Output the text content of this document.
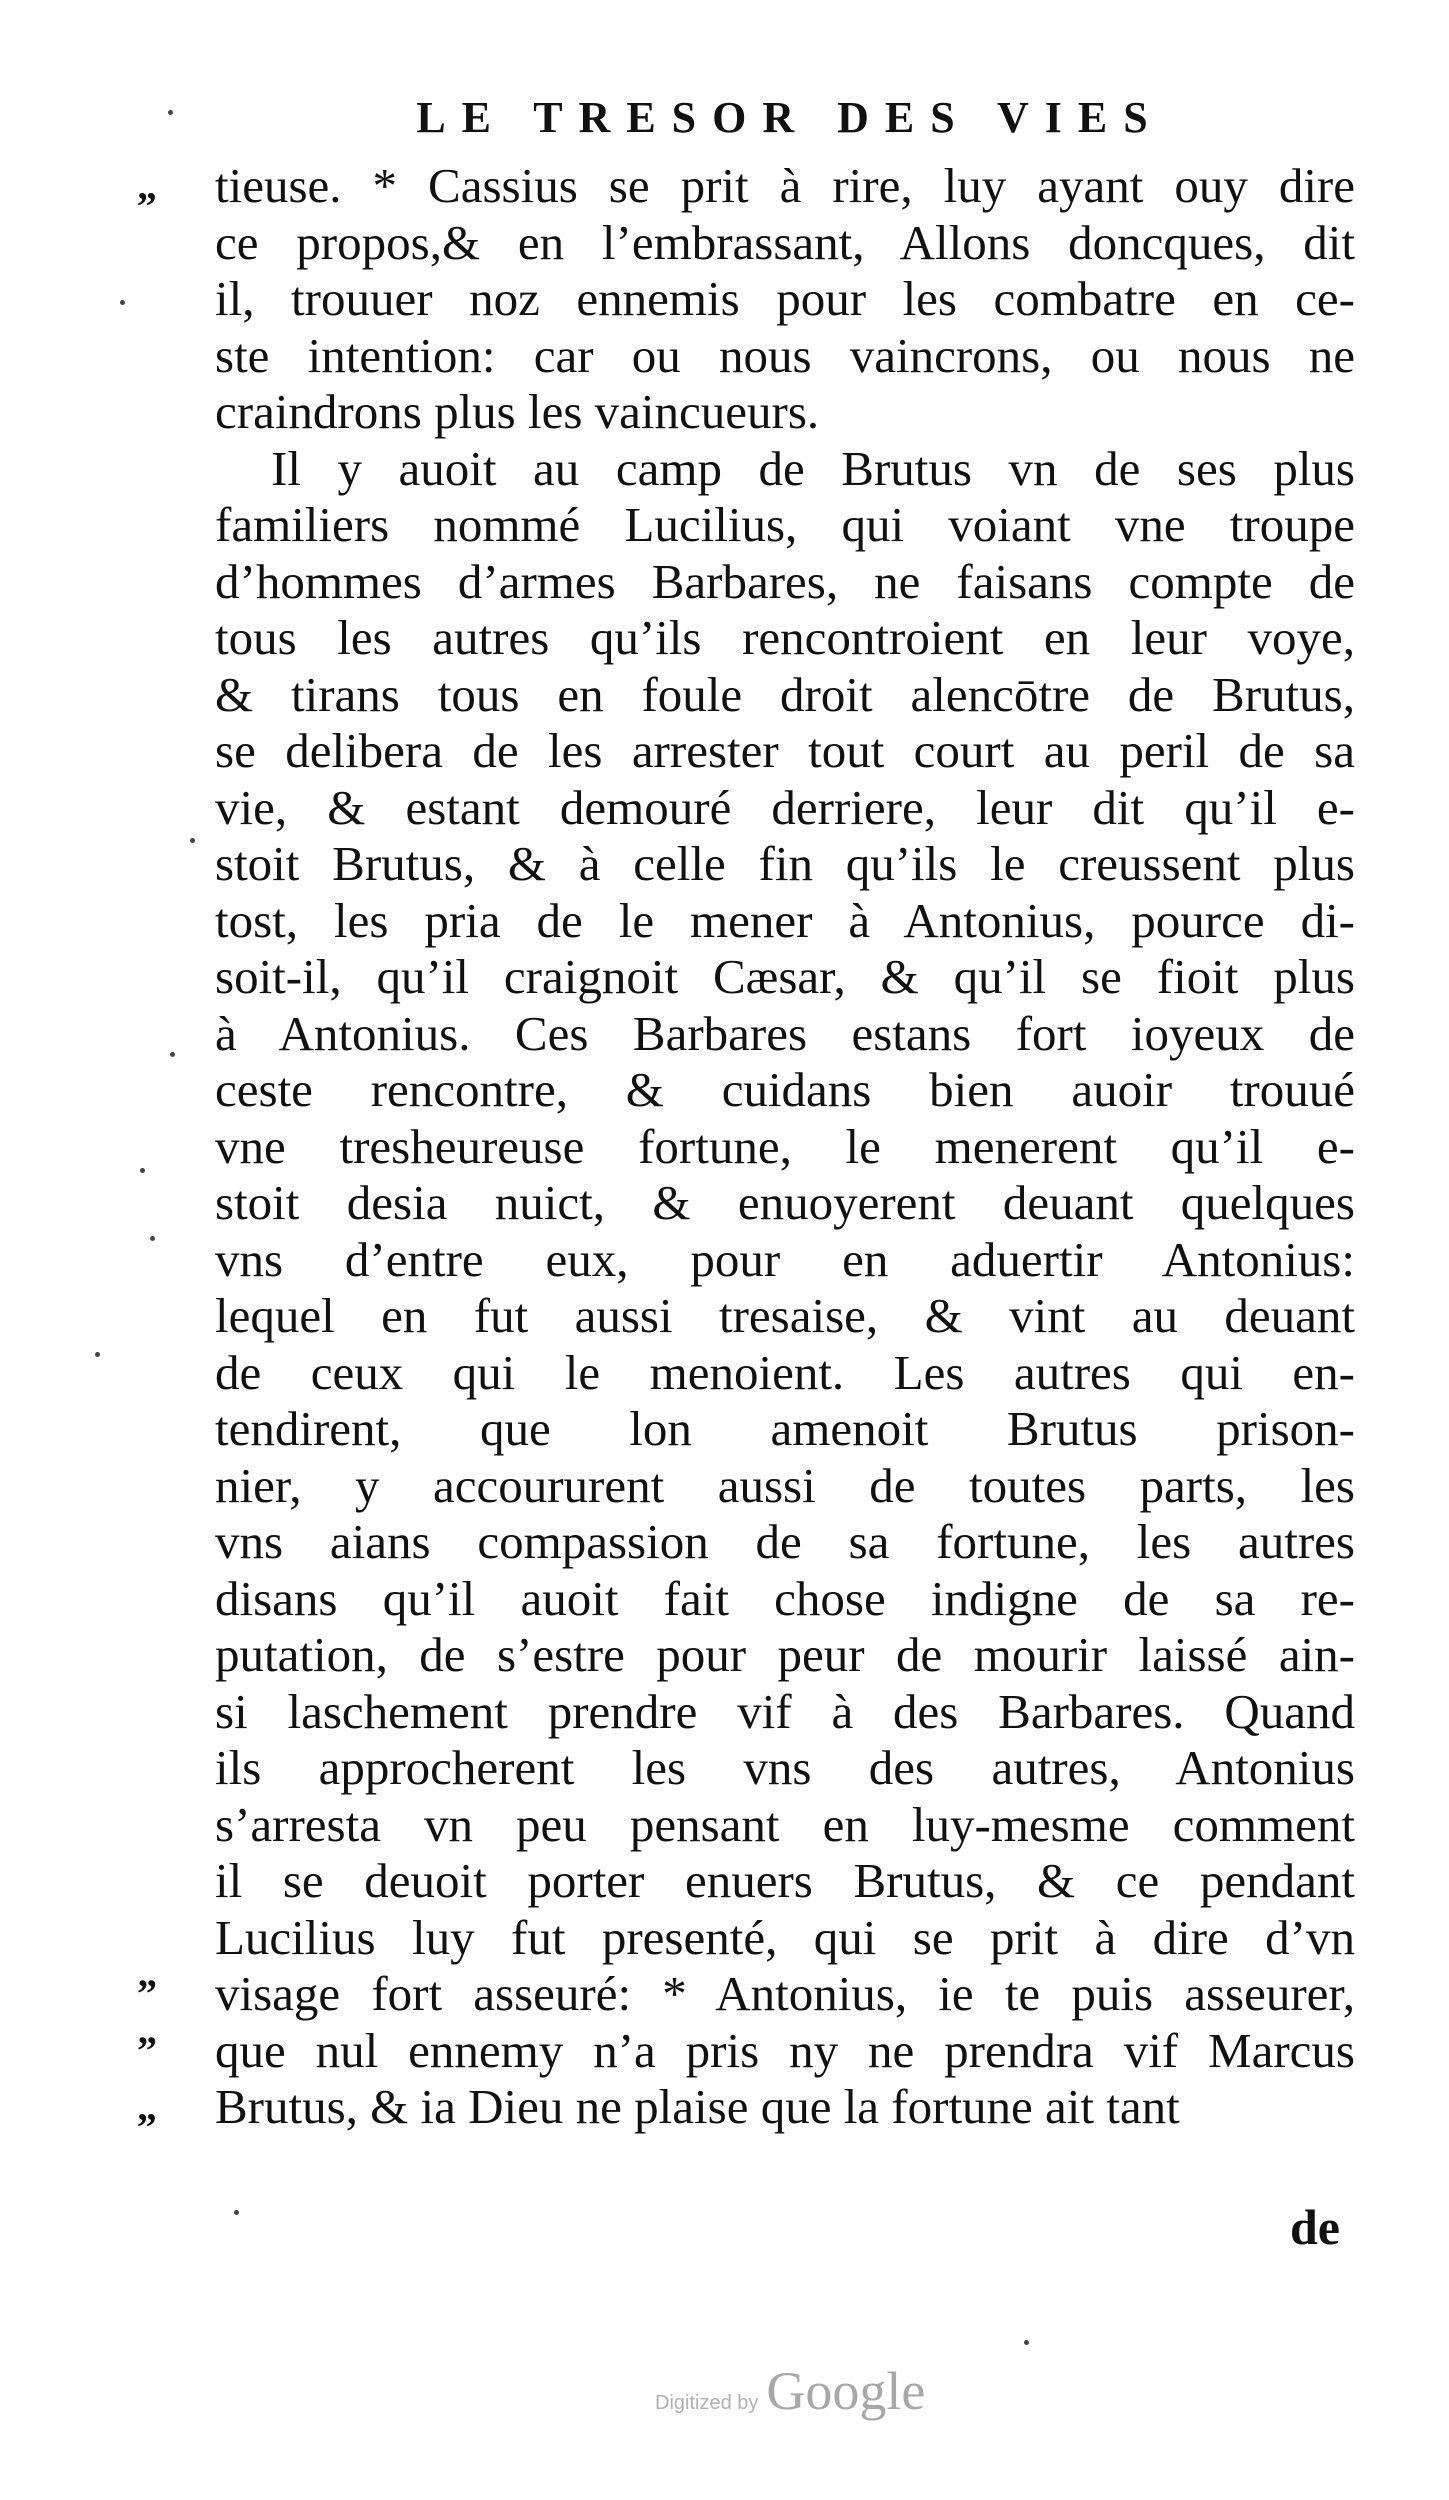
LE TRESOR DES VIES
„	tieuse. * Cassius se prit à rire, luy ayant ouy dire
ce propos,& en l’embrassant, Allons doncques, dit
il, trouuer noz ennemis pour les combatre en ce-
ste intention: car ou nous vaincrons, ou nous ne
craindrons plus les vaincueurs.
Il y auoit au camp de Brutus vn de ses plus
familiers nommé Lucilius, qui voiant vne troupe
d’hommes d’armes Barbares, ne faisans compte de
tous les autres qu’ils rencontroient en leur voye,
& tirans tous en foule droit alencōtre de Brutus,
se delibera de les arrester tout court au peril de sa
vie, & estant demouré derriere, leur dit qu’il e-
stoit Brutus, & à celle fin qu’ils le creussent plus
tost, les pria de le mener à Antonius, pource di-
soit-il, qu’il craignoit Cæsar, & qu’il se fioit plus
à Antonius. Ces Barbares estans fort ioyeux de
ceste rencontre, & cuidans bien auoir trouué
vne tresheureuse fortune, le menerent qu’il e-
stoit desia nuict, & enuoyerent deuant quelques
vns d’entre eux, pour en aduertir Antonius:
lequel en fut aussi tresaise, & vint au deuant
de ceux qui le menoient. Les autres qui en-
tendirent, que lon amenoit Brutus prison-
nier, y accoururent aussi de toutes parts, les
vns aians compassion de sa fortune, les autres
disans qu’il auoit fait chose indigne de sa re-
putation, de s’estre pour peur de mourir laissé ain-
si laschement prendre vif à des Barbares. Quand
ils approcherent les vns des autres, Antonius
s’arresta vn peu pensant en luy-mesme comment
il se deuoit porter enuers Brutus, & ce pendant
Lucilius luy fut presenté, qui se prit à dire d’vn
”	visage fort asseuré: * Antonius, ie te puis asseurer,
”	que nul ennemy n’a pris ny ne prendra vif Marcus
„	Brutus, & ia Dieu ne plaise que la fortune ait tant
de
Digitized by Google
